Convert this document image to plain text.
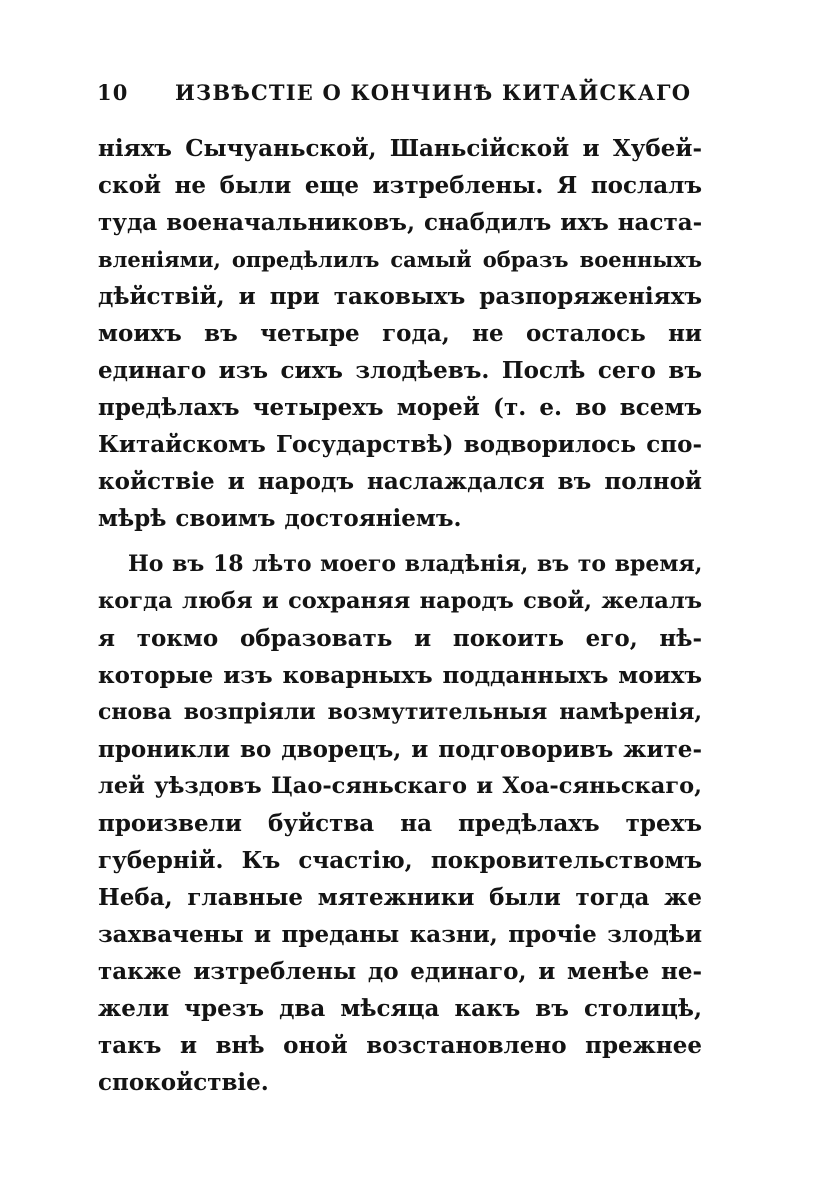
10 ИЗВѢСТІЕ О КОНЧИНѢ КИТАЙСКАГО
ніяхъ Сычуаньской, Шаньсійской и Хубей-
ской не были еще изтреблены. Я послалъ
туда военачальниковъ, снабдилъ ихъ наста-
вленіями, опредѣлилъ самый образъ военныхъ
дѣйствій, и при таковыхъ разпоряженіяхъ
моихъ въ четыре года, не осталось ни
единаго изъ сихъ злодѣевъ. Послѣ сего въ
предѣлахъ четырехъ морей (т. е. во всемъ
Китайскомъ Государствѣ) водворилось спо-
койствіе и народъ наслаждался въ полной
мѣрѣ своимъ достояніемъ.
Но въ 18 лѣто моего владѣнія, въ то время,
когда любя и сохраняя народъ свой, желалъ
я токмо образовать и покоить его, нѣ-
которые изъ коварныхъ подданныхъ моихъ
снова возпріяли возмутительныя намѣренія,
проникли во дворецъ, и подговоривъ жите-
лей уѣздовъ Цао-сяньскаго и Хоа-сяньскаго,
произвели буйства на предѣлахъ трехъ
губерній. Къ счастію, покровительствомъ
Неба, главные мятежники были тогда же
захвачены и преданы казни, прочіе злодѣи
также изтреблены до единаго, и менѣе не-
жели чрезъ два мѣсяца какъ въ столицѣ,
такъ и внѣ оной возстановлено прежнее
спокойствіе.
